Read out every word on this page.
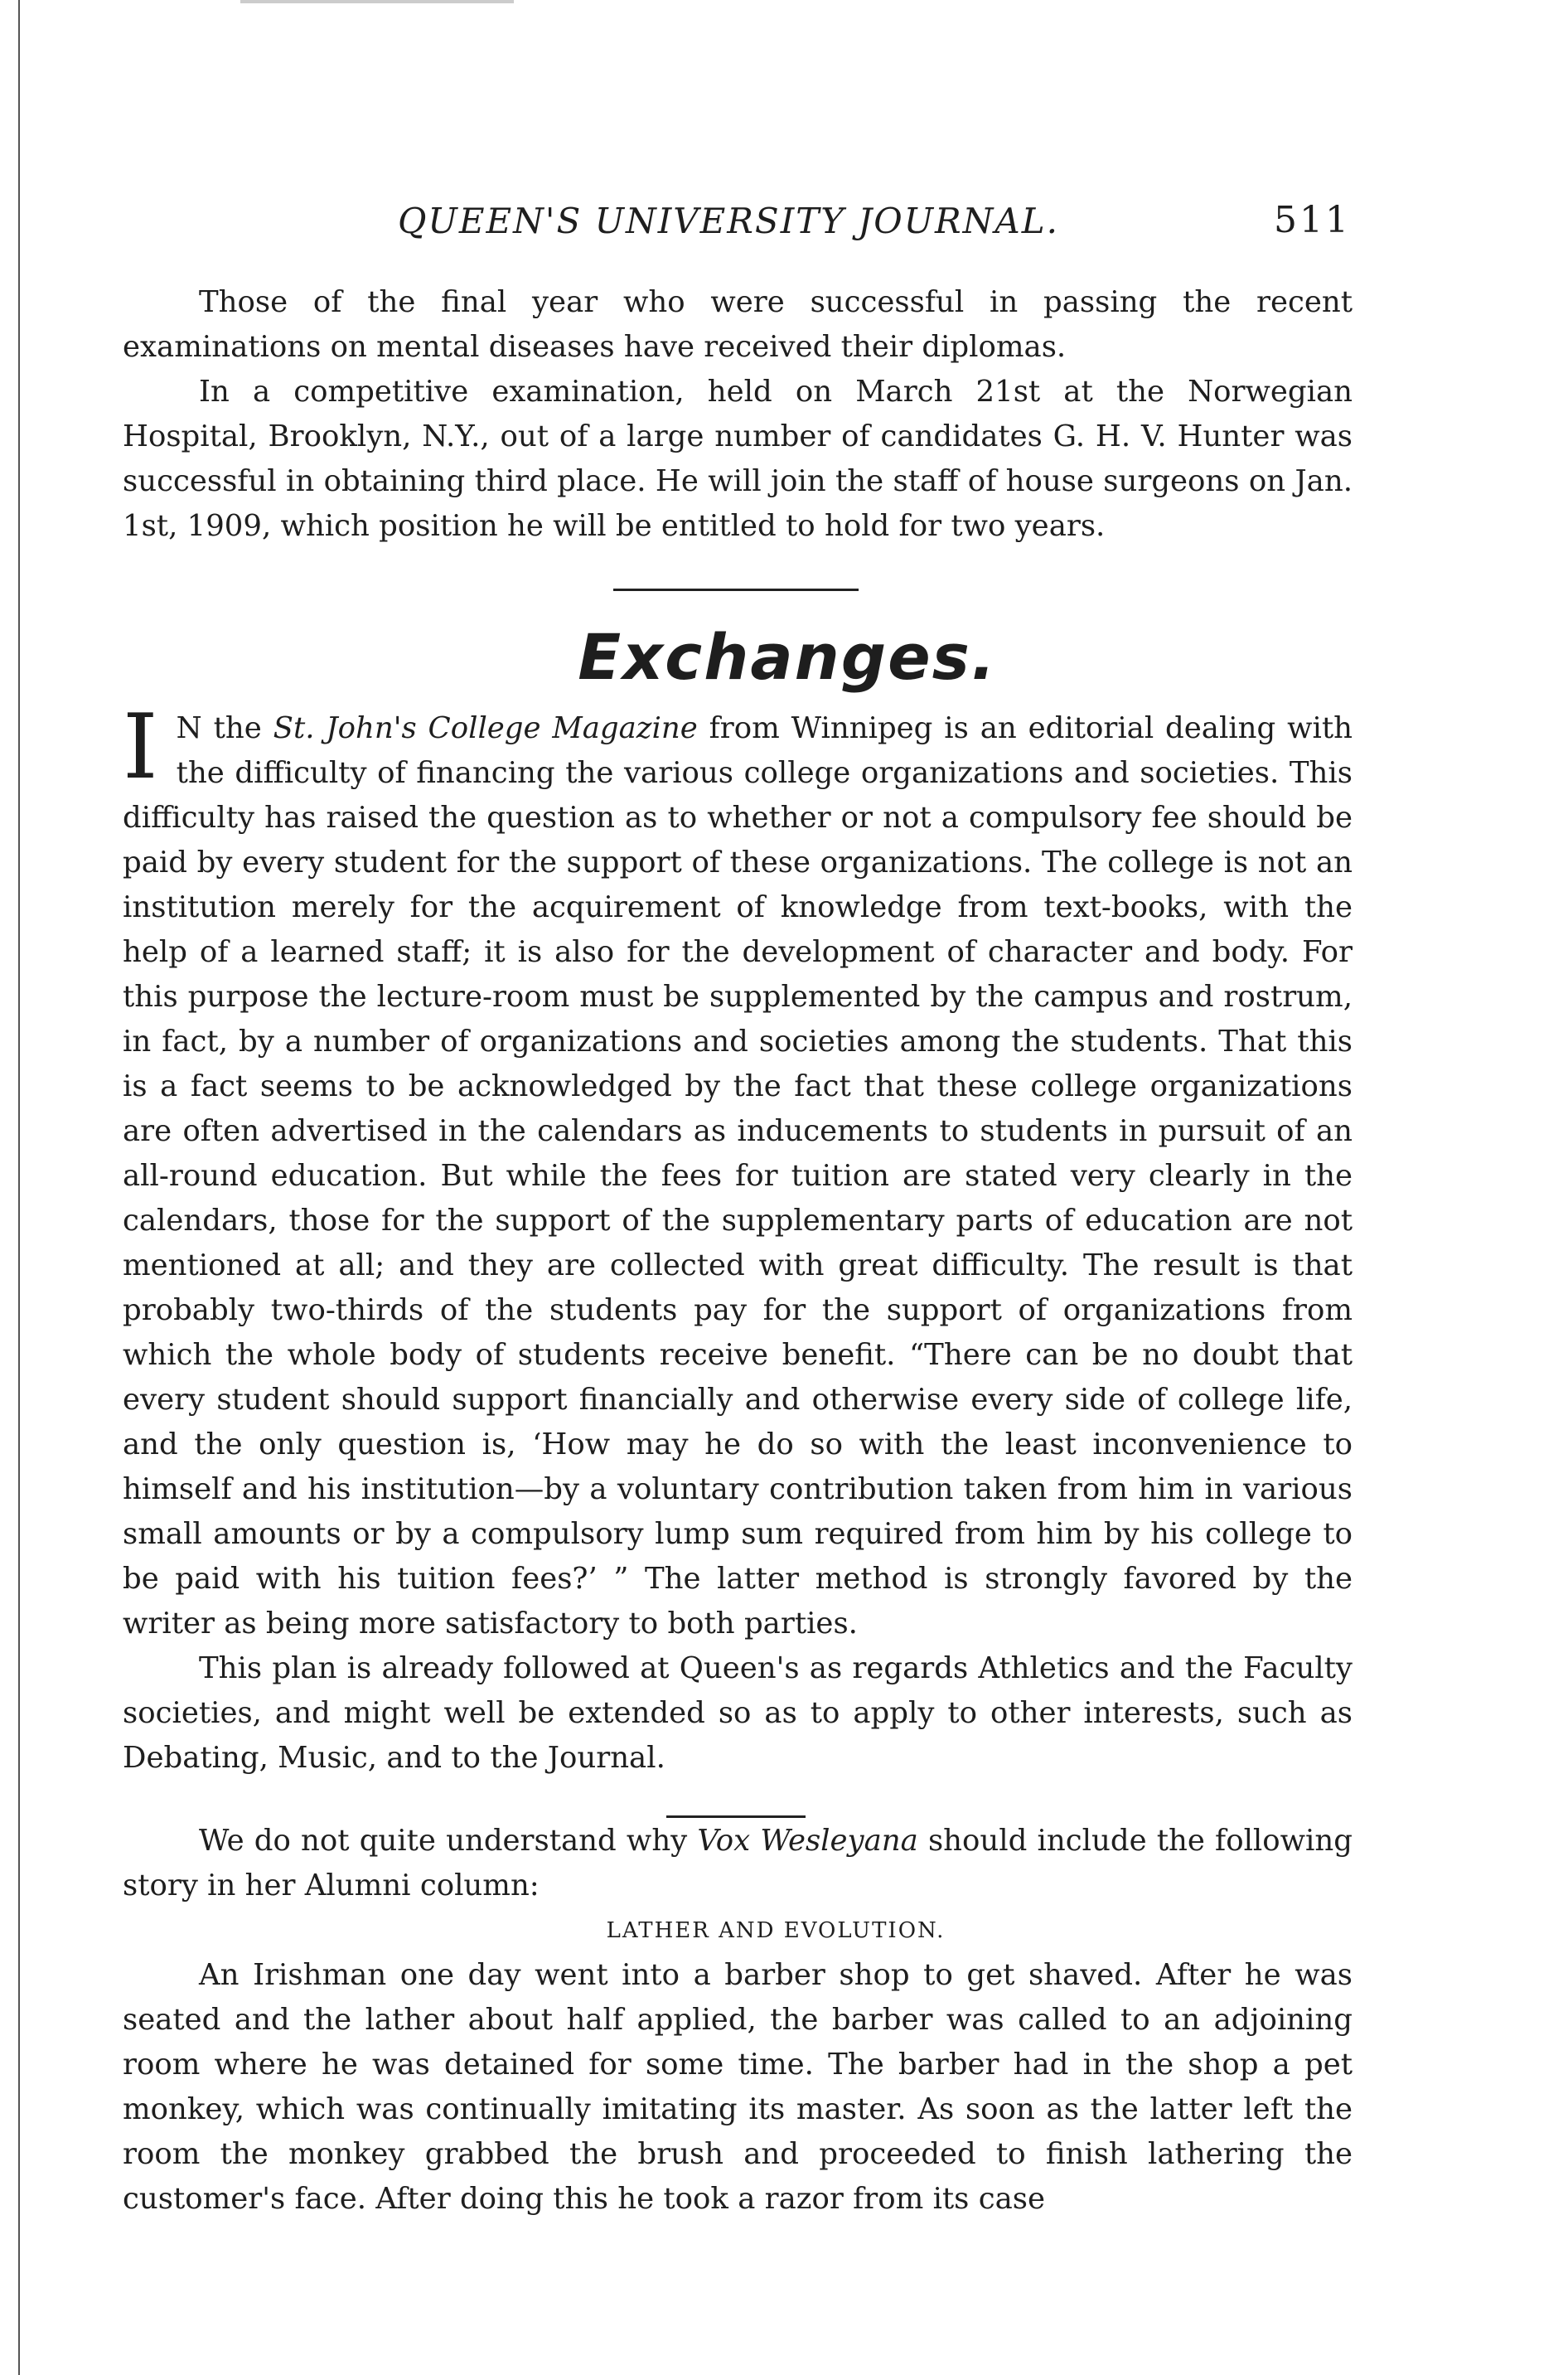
QUEEN'S UNIVERSITY JOURNAL.	511

Those of the final year who were successful in passing the recent examinations on mental diseases have received their diplomas.

In a competitive examination, held on March 21st at the Norwegian Hospital, Brooklyn, N.Y., out of a large number of candidates G. H. V. Hunter was successful in obtaining third place. He will join the staff of house surgeons on Jan. 1st, 1909, which position he will be entitled to hold for two years.

Exchanges.

I N the St. John's College Magazine from Winnipeg is an editorial dealing with the difficulty of financing the various college organizations and societies. This difficulty has raised the question as to whether or not a compulsory fee should be paid by every student for the support of these organizations. The college is not an institution merely for the acquirement of knowledge from text-books, with the help of a learned staff; it is also for the development of character and body. For this purpose the lecture-room must be supplemented by the campus and rostrum, in fact, by a number of organizations and societies among the students. That this is a fact seems to be acknowledged by the fact that these college organizations are often advertised in the calendars as inducements to students in pursuit of an all-round education. But while the fees for tuition are stated very clearly in the calendars, those for the support of the supplementary parts of education are not mentioned at all; and they are collected with great difficulty. The result is that probably two-thirds of the students pay for the support of organizations from which the whole body of students receive benefit. “There can be no doubt that every student should support financially and otherwise every side of college life, and the only question is, ‘How may he do so with the least inconvenience to himself and his institution—by a voluntary contribution taken from him in various small amounts or by a compulsory lump sum required from him by his college to be paid with his tuition fees?’ ” The latter method is strongly favored by the writer as being more satisfactory to both parties.

This plan is already followed at Queen's as regards Athletics and the Faculty societies, and might well be extended so as to apply to other interests, such as Debating, Music, and to the Journal.

We do not quite understand why Vox Wesleyana should include the following story in her Alumni column:

LATHER AND EVOLUTION.

An Irishman one day went into a barber shop to get shaved. After he was seated and the lather about half applied, the barber was called to an adjoining room where he was detained for some time. The barber had in the shop a pet monkey, which was continually imitating its master. As soon as the latter left the room the monkey grabbed the brush and proceeded to finish lathering the customer's face. After doing this he took a razor from its case
